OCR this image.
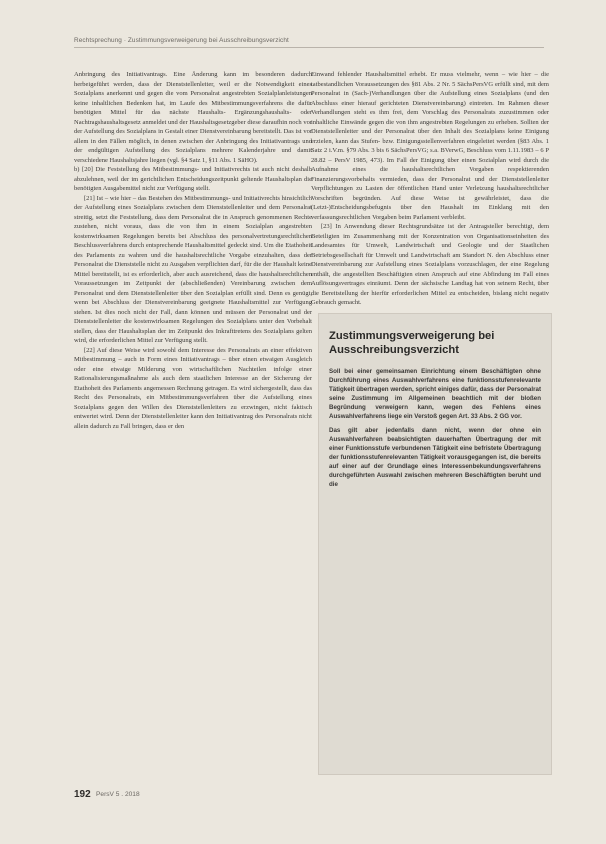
Rechtsprechung · Zustimmungsverweigerung bei Ausschreibungsverzicht

Anbringung des Initiativantrags. Eine Änderung kann im besonderen dadurch herbeigeführt werden, dass der Dienststellenleiter, weil er die Notwendigkeit eines Sozialplans anerkennt und gegen die vom Personalrat angestrebten Sozialplanleistungen keine inhaltlichen Bedenken hat, im Laufe des Mitbestimmungsverfahrens die dafür benötigten Mittel für das nächste Haushalts- Ergänzungshaushalts- oder Nachtragshaushaltsgesetz anmeldet und der Haushaltsgesetzgeber diese daraufhin noch vor der Aufstellung des Sozialplans in Gestalt einer Dienstvereinbarung bereitstellt. Das ist vor allem in den Fällen möglich, in denen zwischen der Anbringung des Initiativantrags und der endgültigen Aufstellung des Sozialplans mehrere Kalenderjahre und damit verschiedene Haushaltsjahre liegen (vgl. §4 Satz 1, §11 Abs. 1 SäHO).

b) [20] Die Feststellung des Mitbestimmungs- und Initiativrechts ist auch nicht deshalb abzulehnen, weil der im gerichtlichen Entscheidungszeitpunkt geltende Haushaltsplan die benötigten Ausgabemittel nicht zur Verfügung stellt.

[21] Ist – wie hier – das Bestehen des Mitbestimmungs- und Initiativrechts hinsichtlich der Aufstellung eines Sozialplans zwischen dem Dienststellenleiter und dem Personalrat streitig, setzt die Feststellung, dass dem Personalrat die in Anspruch genommenen Rechte zustehen, nicht voraus, dass die von ihm in einem Sozialplan angestrebten kostenwirksamen Regelungen bereits bei Abschluss des personalvertretungsrechtlichen Beschlussverfahrens durch entsprechende Haushaltsmittel gedeckt sind. Um die Etathoheit des Parlaments zu wahren und die haushaltsrechtliche Vorgabe einzuhalten, dass der Personalrat die Dienststelle nicht zu Ausgaben verpflichten darf, für die der Haushalt keine Mittel bereitstellt, ist es erforderlich, aber auch ausreichend, dass die haushaltsrechtlichen Voraussetzungen im Zeitpunkt der (abschließenden) Vereinbarung zwischen dem Personalrat und dem Dienststellenleiter über den Sozialplan erfüllt sind. Denn es genügt, wenn bei Abschluss der Dienstvereinbarung geeignete Haushaltsmittel zur Verfügung stehen. Ist dies noch nicht der Fall, dann können und müssen der Personalrat und der Dienststellenleiter die kostenwirksamen Regelungen des Sozialplans unter den Vorbehalt stellen, dass der Haushaltsplan der im Zeitpunkt des Inkrafttretens des Sozialplans gelten wird, die erforderlichen Mittel zur Verfügung stellt.

[22] Auf diese Weise wird sowohl dem Interesse des Personalrats an einer effektiven Mitbestimmung – auch in Form eines Initiativantrags – über einen etwaigen Ausgleich oder eine etwaige Milderung von wirtschaftlichen Nachteilen infolge einer Rationalisierungsmaßnahme als auch dem staatlichen Interesse an der Sicherung der Etathoheit des Parlaments angemessen Rechnung getragen. Es wird sichergestellt, dass das Recht des Personalrats, ein Mitbestimmungsverfahren über die Aufstellung eines Sozialplans gegen den Willen des Dienststellenleiters zu erzwingen, nicht faktisch entwertet wird. Denn der Dienststellenleiter kann den Initiativantrag des Personalrats nicht allein dadurch zu Fall bringen, dass er den

Einwand fehlender Haushaltsmittel erhebt. Er muss vielmehr, wenn – wie hier – die tatbestandlichen Voraussetzungen des §81 Abs. 2 Nr. 5 SächsPersVG erfüllt sind, mit dem Personalrat in (Sach-)Verhandlungen über die Aufstellung eines Sozialplans (und den Abschluss einer hierauf gerichteten Dienstvereinbarung) eintreten. Im Rahmen dieser Verhandlungen steht es ihm frei, dem Vorschlag des Personalrats zuzustimmen oder inhaltliche Einwände gegen die von ihm angestrebten Regelungen zu erheben. Sollten der Dienststellenleiter und der Personalrat über den Inhalt des Sozialplans keine Einigung erzielen, kann das Stufen- bzw. Einigungsstellenverfahren eingeleitet werden (§83 Abs. 1 Satz 2 i.V.m. §79 Abs. 3 bis 6 SächsPersVG; s.a. BVerwG, Beschluss vom 1.11.1983 – 6 P 28.82 – PersV 1985, 473). Im Fall der Einigung über einen Sozialplan wird durch die Aufnahme eines die haushaltsrechtlichen Vorgaben respektierenden Finanzierungsvorbehalts vermieden, dass der Personalrat und der Dienststellenleiter Verpflichtungen zu Lasten der öffentlichen Hand unter Verletzung haushaltsrechtlicher Vorschriften begründen. Auf diese Weise ist gewährleistet, dass die (Letzt-)Entscheidungsbefugnis über den Haushalt im Einklang mit den verfassungsrechtlichen Vorgaben beim Parlament verbleibt.

[23] In Anwendung dieser Rechtsgrundsätze ist der Antragsteller berechtigt, dem Beteiligten im Zusammenhang mit der Konzentration von Organisationseinheiten des Landesamtes für Umwelt, Landwirtschaft und Geologie und der Staatlichen Betriebsgesellschaft für Umwelt und Landwirtschaft am Standort N. den Abschluss einer Dienstvereinbarung zur Aufstellung eines Sozialplans vorzuschlagen, der eine Regelung enthält, die angestellten Beschäftigten einen Anspruch auf eine Abfindung im Fall eines Auflösungsvertrages einräumt. Denn der sächsische Landtag hat von seinem Recht, über die Bereitstellung der hierfür erforderlichen Mittel zu entscheiden, bislang nicht negativ Gebrauch gemacht.

Zustimmungsverweigerung bei Ausschreibungsverzicht

Soll bei einer gemeinsamen Einrichtung einem Beschäftigten ohne Durchführung eines Auswahlverfahrens eine funktionsstufenrelevante Tätigkeit übertragen werden, spricht einiges dafür, dass der Personalrat seine Zustimmung im Allgemeinen beachtlich mit der bloßen Begründung verweigern kann, wegen des Fehlens eines Auswahlverfahrens liege ein Verstoß gegen Art. 33 Abs. 2 GG vor.

Das gilt aber jedenfalls dann nicht, wenn der ohne ein Auswahlverfahren beabsichtigten dauerhaften Übertragung der mit einer Funktionsstufe verbundenen Tätigkeit eine befristete Übertragung der funktionsstufenrelevanten Tätigkeit vorausgegangen ist, die bereits auf einer auf der Grundlage eines Interessenbekundungsverfahrens durchgeführten Auswahl zwischen mehreren Beschäftigten beruht und die

192 PersV 5 . 2018
